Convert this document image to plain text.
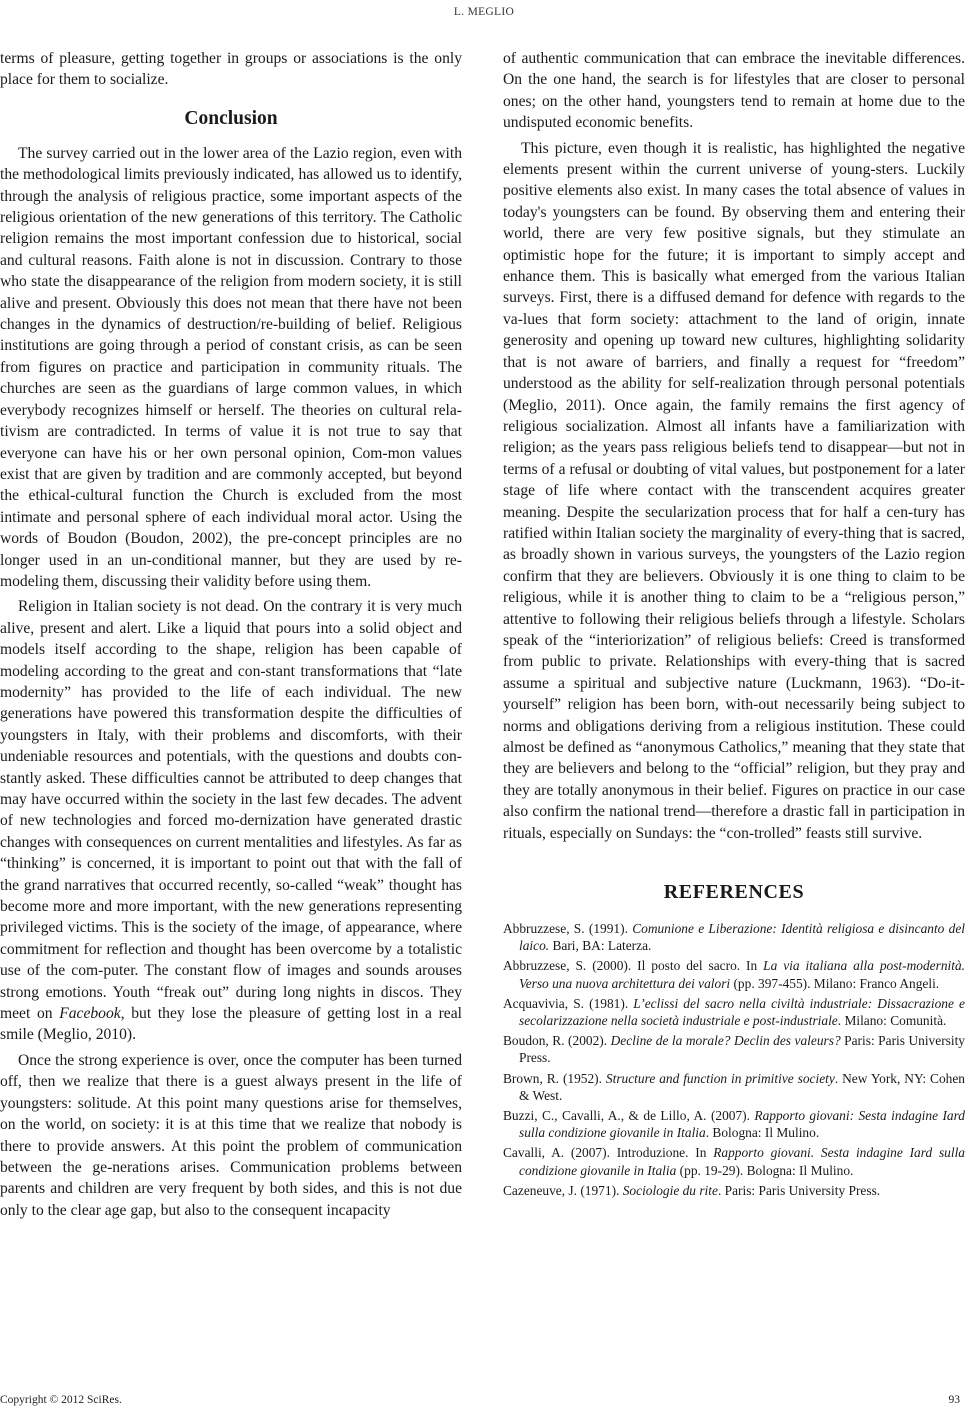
L. MEGLIO

terms of pleasure, getting together in groups or associations is the only place for them to socialize.

Conclusion

The survey carried out in the lower area of the Lazio region, even with the methodological limits previously indicated, has allowed us to identify, through the analysis of religious practice, some important aspects of the religious orientation of the new generations of this territory. The Catholic religion remains the most important confession due to historical, social and cultural reasons. Faith alone is not in discussion. Contrary to those who state the disappearance of the religion from modern society, it is still alive and present. Obviously this does not mean that there have not been changes in the dynamics of destruction/re-building of belief. Religious institutions are going through a period of constant crisis, as can be seen from figures on practice and participation in community rituals. The churches are seen as the guardians of large common values, in which everybody recognizes himself or herself. The theories on cultural rela-tivism are contradicted. In terms of value it is not true to say that everyone can have his or her own personal opinion, Com-mon values exist that are given by tradition and are commonly accepted, but beyond the ethical-cultural function the Church is excluded from the most intimate and personal sphere of each individual moral actor. Using the words of Boudon (Boudon, 2002), the pre-concept principles are no longer used in an un-conditional manner, but they are used by re-modeling them, discussing their validity before using them.

Religion in Italian society is not dead. On the contrary it is very much alive, present and alert. Like a liquid that pours into a solid object and models itself according to the shape, religion has been capable of modeling according to the great and con-stant transformations that “late modernity” has provided to the life of each individual. The new generations have powered this transformation despite the difficulties of youngsters in Italy, with their problems and discomforts, with their undeniable resources and potentials, with the questions and doubts con-stantly asked. These difficulties cannot be attributed to deep changes that may have occurred within the society in the last few decades. The advent of new technologies and forced mo-dernization have generated drastic changes with consequences on current mentalities and lifestyles. As far as “thinking” is concerned, it is important to point out that with the fall of the grand narratives that occurred recently, so-called “weak” thought has become more and more important, with the new generations representing privileged victims. This is the society of the image, of appearance, where commitment for reflection and thought has been overcome by a totalistic use of the com-puter. The constant flow of images and sounds arouses strong emotions. Youth “freak out” during long nights in discos. They meet on Facebook, but they lose the pleasure of getting lost in a real smile (Meglio, 2010).

Once the strong experience is over, once the computer has been turned off, then we realize that there is a guest always present in the life of youngsters: solitude. At this point many questions arise for themselves, on the world, on society: it is at this time that we realize that nobody is there to provide answers. At this point the problem of communication between the ge-nerations arises. Communication problems between parents and children are very frequent by both sides, and this is not due only to the clear age gap, but also to the consequent incapacity

of authentic communication that can embrace the inevitable differences. On the one hand, the search is for lifestyles that are closer to personal ones; on the other hand, youngsters tend to remain at home due to the undisputed economic benefits.

This picture, even though it is realistic, has highlighted the negative elements present within the current universe of young-sters. Luckily positive elements also exist. In many cases the total absence of values in today's youngsters can be found. By observing them and entering their world, there are very few positive signals, but they stimulate an optimistic hope for the future; it is important to simply accept and enhance them. This is basically what emerged from the various Italian surveys. First, there is a diffused demand for defence with regards to the va-lues that form society: attachment to the land of origin, innate generosity and opening up toward new cultures, highlighting solidarity that is not aware of barriers, and finally a request for “freedom” understood as the ability for self-realization through personal potentials (Meglio, 2011). Once again, the family remains the first agency of religious socialization. Almost all infants have a familiarization with religion; as the years pass religious beliefs tend to disappear—but not in terms of a refusal or doubting of vital values, but postponement for a later stage of life where contact with the transcendent acquires greater meaning. Despite the secularization process that for half a cen-tury has ratified within Italian society the marginality of every-thing that is sacred, as broadly shown in various surveys, the youngsters of the Lazio region confirm that they are believers. Obviously it is one thing to claim to be religious, while it is another thing to claim to be a “religious person,” attentive to following their religious beliefs through a lifestyle. Scholars speak of the “interiorization” of religious beliefs: Creed is transformed from public to private. Relationships with every-thing that is sacred assume a spiritual and subjective nature (Luckmann, 1963). “Do-it-yourself” religion has been born, with-out necessarily being subject to norms and obligations deriving from a religious institution. These could almost be defined as “anonymous Catholics,” meaning that they state that they are believers and belong to the “official” religion, but they pray and they are totally anonymous in their belief. Figures on practice in our case also confirm the national trend—therefore a drastic fall in participation in rituals, especially on Sundays: the “con-trolled” feasts still survive.

REFERENCES

Abbruzzese, S. (1991). Comunione e Liberazione: Identità religiosa e disincanto del laico. Bari, BA: Laterza.

Abbruzzese, S. (2000). Il posto del sacro. In La via italiana alla post-modernità. Verso una nuova architettura dei valori (pp. 397-455). Milano: Franco Angeli.

Acquavivia, S. (1981). L’eclissi del sacro nella civiltà industriale: Dissacrazione e secolarizzazione nella società industriale e post-industriale. Milano: Comunità.

Boudon, R. (2002). Decline de la morale? Declin des valeurs? Paris: Paris University Press.

Brown, R. (1952). Structure and function in primitive society. New York, NY: Cohen & West.

Buzzi, C., Cavalli, A., & de Lillo, A. (2007). Rapporto giovani: Sesta indagine Iard sulla condizione giovanile in Italia. Bologna: Il Mulino.

Cavalli, A. (2007). Introduzione. In Rapporto giovani. Sesta indagine Iard sulla condizione giovanile in Italia (pp. 19-29). Bologna: Il Mulino.

Cazeneuve, J. (1971). Sociologie du rite. Paris: Paris University Press.

Copyright © 2012 SciRes.	93
